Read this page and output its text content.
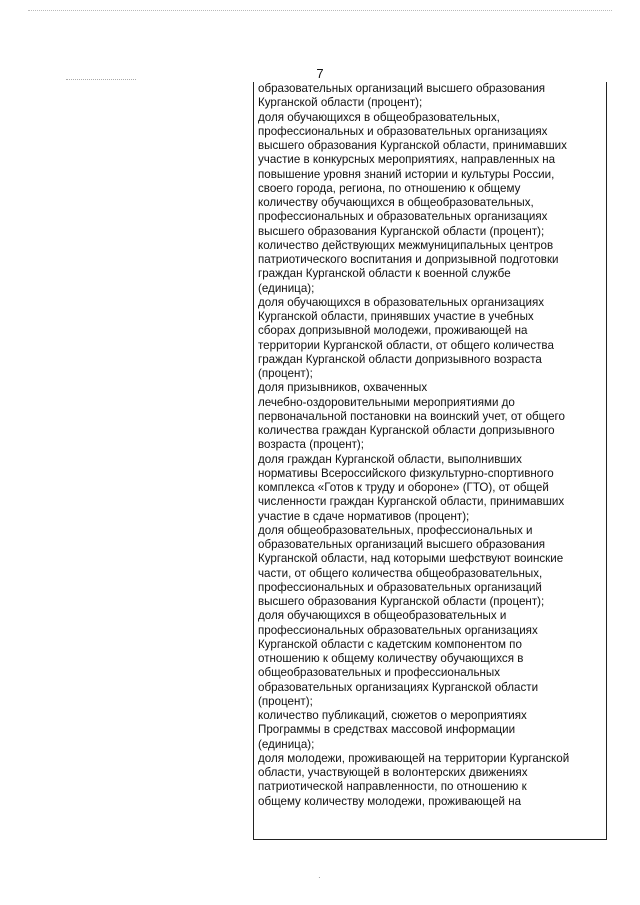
7
образовательных организаций высшего образования
Курганской области (процент);
доля обучающихся в общеобразовательных,
профессиональных и образовательных организациях
высшего образования Курганской области, принимавших
участие в конкурсных мероприятиях, направленных на
повышение уровня знаний истории и культуры России,
своего города, региона, по отношению к общему
количеству обучающихся в общеобразовательных,
профессиональных и образовательных организациях
высшего образования Курганской области (процент);
количество действующих межмуниципальных центров
патриотического воспитания и допризывной подготовки
граждан Курганской области к военной службе
(единица);
доля обучающихся в образовательных организациях
Курганской области, принявших участие в учебных
сборах допризывной молодежи, проживающей на
территории Курганской области, от общего количества
граждан Курганской области допризывного возраста
(процент);
доля призывников, охваченных
лечебно-оздоровительными мероприятиями до
первоначальной постановки на воинский учет, от общего
количества граждан Курганской области допризывного
возраста (процент);
доля граждан Курганской области, выполнивших
нормативы Всероссийского физкультурно-спортивного
комплекса «Готов к труду и обороне» (ГТО), от общей
численности граждан Курганской области, принимавших
участие в сдаче нормативов (процент);
доля общеобразовательных, профессиональных и
образовательных организаций высшего образования
Курганской области, над которыми шефствуют воинские
части, от общего количества общеобразовательных,
профессиональных и образовательных организаций
высшего образования Курганской области (процент);
доля обучающихся в общеобразовательных и
профессиональных образовательных организациях
Курганской области с кадетским компонентом по
отношению к общему количеству обучающихся в
общеобразовательных и профессиональных
образовательных организациях Курганской области
(процент);
количество публикаций, сюжетов о мероприятиях
Программы в средствах массовой информации
(единица);
доля молодежи, проживающей на территории Курганской
области, участвующей в волонтерских движениях
патриотической направленности, по отношению к
общему количеству молодежи, проживающей на
·
